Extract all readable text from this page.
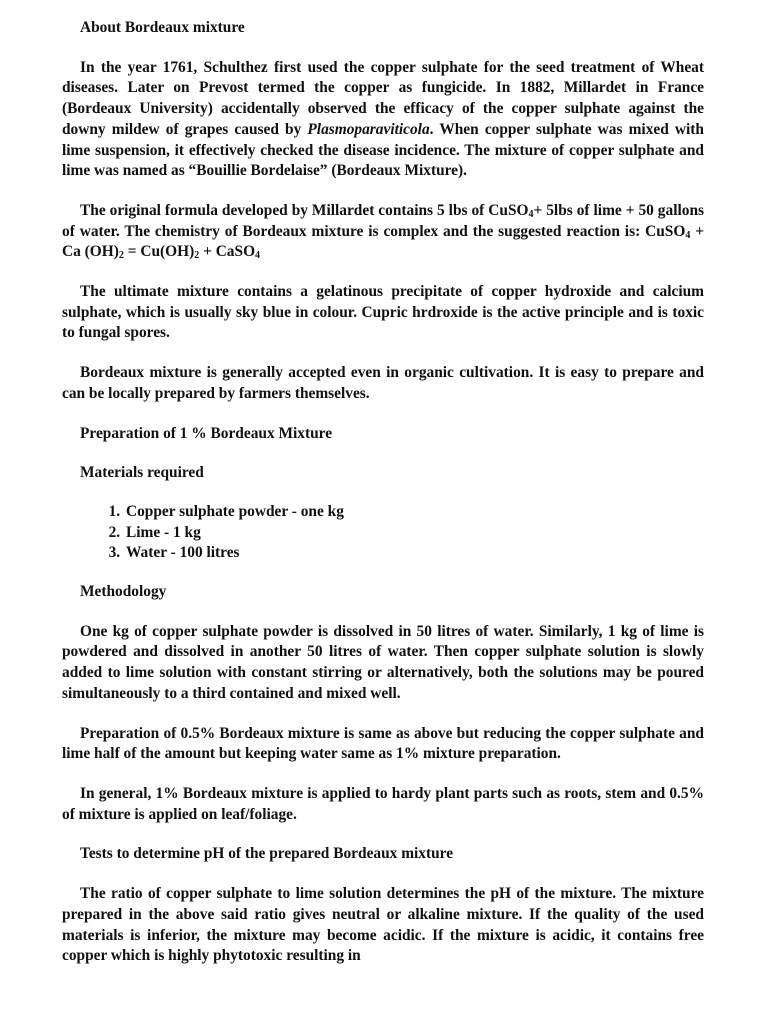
About Bordeaux mixture

In the year 1761, Schulthez first used the copper sulphate for the seed treatment of Wheat diseases. Later on Prevost termed the copper as fungicide. In 1882, Millardet in France (Bordeaux University) accidentally observed the efficacy of the copper sulphate against the downy mildew of grapes caused by Plasmoparaviticola. When copper sulphate was mixed with lime suspension, it effectively checked the disease incidence. The mixture of copper sulphate and lime was named as “Bouillie Bordelaise” (Bordeaux Mixture).

The original formula developed by Millardet contains 5 lbs of CuSO$_4$+ 5lbs of lime + 50 gallons of water. The chemistry of Bordeaux mixture is complex and the suggested reaction is: CuSO$_4$ + Ca $(OH)_2 = Cu(OH)_2$ + CaSO$_4$

The ultimate mixture contains a gelatinous precipitate of copper hydroxide and calcium sulphate, which is usually sky blue in colour. Cupric hrdroxide is the active principle and is toxic to fungal spores.

Bordeaux mixture is generally accepted even in organic cultivation. It is easy to prepare and can be locally prepared by farmers themselves.

Preparation of 1 % Bordeaux Mixture
Materials required
1. Copper sulphate powder - one kg
2. Lime - 1 kg
3. Water - 100 litres
Methodology

One kg of copper sulphate powder is dissolved in 50 litres of water. Similarly, 1 kg of lime is powdered and dissolved in another 50 litres of water. Then copper sulphate solution is slowly added to lime solution with constant stirring or alternatively, both the solutions may be poured simultaneously to a third contained and mixed well.

Preparation of 0.5% Bordeaux mixture is same as above but reducing the copper sulphate and lime half of the amount but keeping water same as 1% mixture preparation.

In general, 1% Bordeaux mixture is applied to hardy plant parts such as roots, stem and 0.5% of mixture is applied on leaf/foliage.

Tests to determine pH of the prepared Bordeaux mixture

The ratio of copper sulphate to lime solution determines the pH of the mixture. The mixture prepared in the above said ratio gives neutral or alkaline mixture. If the quality of the used materials is inferior, the mixture may become acidic. If the mixture is acidic, it contains free copper which is highly phytotoxic resulting in
